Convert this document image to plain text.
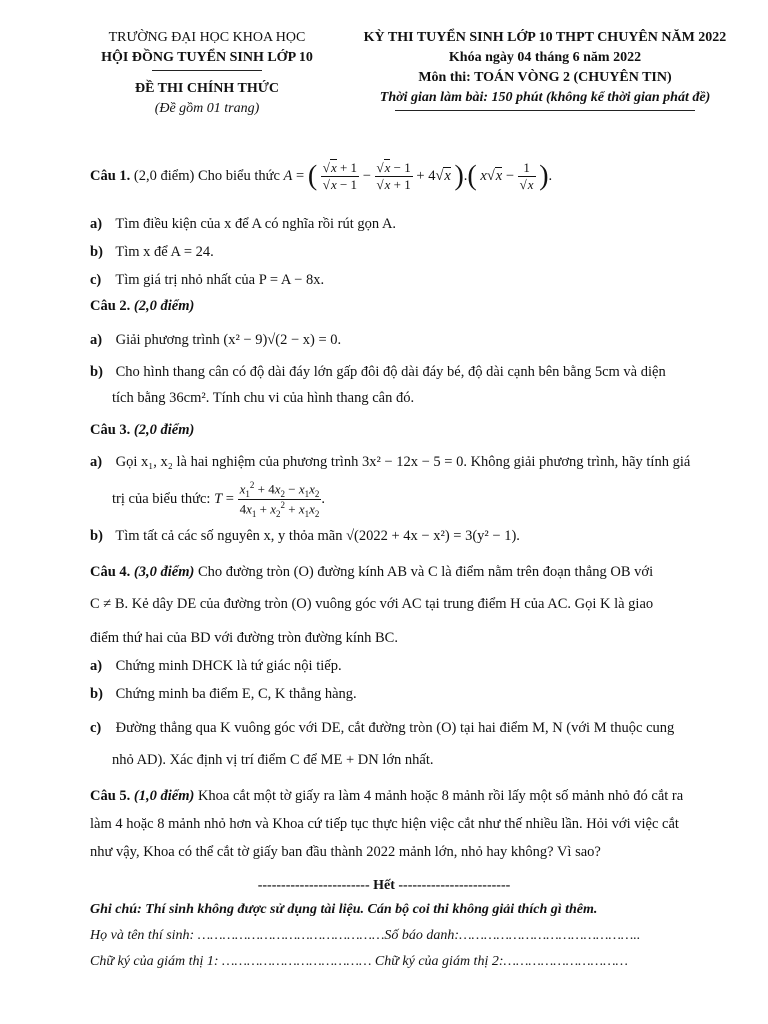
TRƯỜNG ĐẠI HỌC KHOA HỌC
HỘI ĐỒNG TUYỂN SINH LỚP 10
ĐỀ THI CHÍNH THỨC
(Đề gồm 01 trang)
KỲ THI TUYỂN SINH LỚP 10 THPT CHUYÊN NĂM 2022
Khóa ngày 04 tháng 6 năm 2022
Môn thi: TOÁN VÒNG 2 (CHUYÊN TIN)
Thời gian làm bài: 150 phút (không kể thời gian phát đề)
Câu 1. (2,0 điểm) Cho biểu thức A = ( $\frac{√x + 1}{√x - 1} - \frac{√x - 1}{√x + 1} + 4√x$ ).( $x√x - \frac{1}{√x}$ ).
a) Tìm điều kiện của x để A có nghĩa rồi rút gọn A.
b) Tìm x để A = 24.
c) Tìm giá trị nhỏ nhất của P = A − 8x.
Câu 2. (2,0 điểm)
a) Giải phương trình (x² − 9)√(2 − x) = 0.
b) Cho hình thang cân có độ dài đáy lớn gấp đôi độ dài đáy bé, độ dài cạnh bên bằng 5cm và diện
tích bằng 36cm². Tính chu vi của hình thang cân đó.
Câu 3. (2,0 điểm)
a) Gọi x₁, x₂ là hai nghiệm của phương trình 3x² − 12x − 5 = 0. Không giải phương trình, hãy tính giá
trị của biểu thức: $T = \frac{x_1^2 + 4x_2 - x_1x_2}{4x_1 + x_2^2 + x_1x_2}$ .
b) Tìm tất cả các số nguyên x, y thỏa mãn √(2022 + 4x − x²) = 3(y² − 1).
Câu 4. (3,0 điểm) Cho đường tròn (O) đường kính AB và C là điểm nằm trên đoạn thẳng OB với
C ≠ B. Kẻ dây DE của đường tròn (O) vuông góc với AC tại trung điểm H của AC. Gọi K là giao
điểm thứ hai của BD với đường tròn đường kính BC.
a) Chứng minh DHCK là tứ giác nội tiếp.
b) Chứng minh ba điểm E, C, K thẳng hàng.
c) Đường thẳng qua K vuông góc với DE, cắt đường tròn (O) tại hai điểm M, N (với M thuộc cung
nhỏ AD). Xác định vị trí điểm C để ME + DN lớn nhất.
Câu 5. (1,0 điểm) Khoa cắt một tờ giấy ra làm 4 mảnh hoặc 8 mảnh rồi lấy một số mảnh nhỏ đó cắt ra
làm 4 hoặc 8 mảnh nhỏ hơn và Khoa cứ tiếp tục thực hiện việc cắt như thế nhiều lần. Hỏi với việc cắt
như vậy, Khoa có thể cắt tờ giấy ban đầu thành 2022 mảnh lớn, nhỏ hay không? Vì sao?
------------------------ Hết ------------------------
Ghi chú: Thí sinh không được sử dụng tài liệu. Cán bộ coi thi không giải thích gì thêm.
Họ và tên thí sinh: ………………………………………Số báo danh:……………………………………..
Chữ ký của giám thị 1: ……………………………… Chữ ký của giám thị 2:…………………………
